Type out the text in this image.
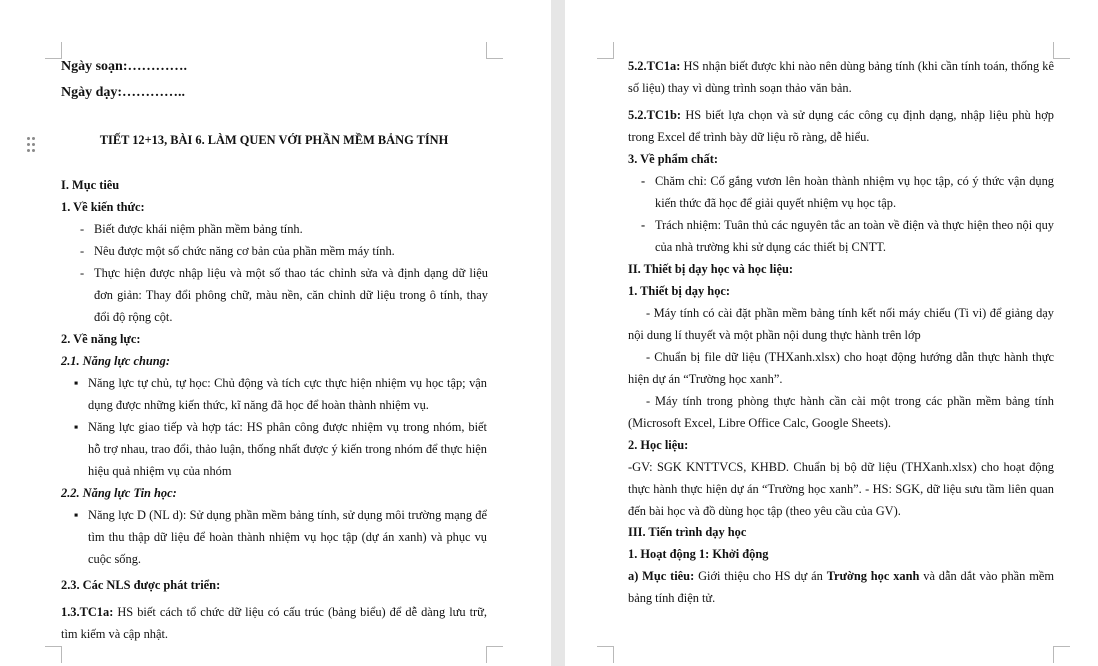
Ngày soạn:………….
Ngày dạy:…………..
TIẾT 12+13, BÀI 6. LÀM QUEN VỚI PHẦN MỀM BẢNG TÍNH
I. Mục tiêu
1. Về kiến thức:
- Biết được khái niệm phần mềm bảng tính.
- Nêu được một số chức năng cơ bản của phần mềm máy tính.
- Thực hiện được nhập liệu và một số thao tác chỉnh sửa và định dạng dữ liệu đơn giản: Thay đổi phông chữ, màu nền, căn chỉnh dữ liệu trong ô tính, thay đổi độ rộng cột.
2. Về năng lực:
2.1. Năng lực chung:
▪ Năng lực tự chủ, tự học: Chủ động và tích cực thực hiện nhiệm vụ học tập; vận dụng được những kiến thức, kĩ năng đã học để hoàn thành nhiệm vụ.
▪ Năng lực giao tiếp và hợp tác: HS phân công được nhiệm vụ trong nhóm, biết hỗ trợ nhau, trao đổi, thảo luận, thống nhất được ý kiến trong nhóm để thực hiện hiệu quả nhiệm vụ của nhóm
2.2. Năng lực Tin học:
▪ Năng lực D (NL d): Sử dụng phần mềm bảng tính, sử dụng môi trường mạng để tìm thu thập dữ liệu để hoàn thành nhiệm vụ học tập (dự án xanh) và phục vụ cuộc sống.
2.3. Các NLS được phát triển:
1.3.TC1a: HS biết cách tổ chức dữ liệu có cấu trúc (bảng biểu) để dễ dàng lưu trữ, tìm kiếm và cập nhật.
5.2.TC1a: HS nhận biết được khi nào nên dùng bảng tính (khi cần tính toán, thống kê số liệu) thay vì dùng trình soạn thảo văn bản.
5.2.TC1b: HS biết lựa chọn và sử dụng các công cụ định dạng, nhập liệu phù hợp trong Excel để trình bày dữ liệu rõ ràng, dễ hiểu.
3. Về phẩm chất:
- Chăm chỉ: Cố gắng vươn lên hoàn thành nhiệm vụ học tập, có ý thức vận dụng kiến thức đã học để giải quyết nhiệm vụ học tập.
- Trách nhiệm: Tuân thủ các nguyên tắc an toàn về điện và thực hiện theo nội quy của nhà trường khi sử dụng các thiết bị CNTT.
II. Thiết bị dạy học và học liệu:
1. Thiết bị dạy học:
- Máy tính có cài đặt phần mềm bảng tính kết nối máy chiếu (Ti vi) để giảng dạy nội dung lí thuyết và một phần nội dung thực hành trên lớp
- Chuẩn bị file dữ liệu (THXanh.xlsx) cho hoạt động hướng dẫn thực hành thực hiện dự án “Trường học xanh”.
- Máy tính trong phòng thực hành cần cài một trong các phần mềm bảng tính (Microsoft Excel, Libre Office Calc, Google Sheets).
2. Học liệu:
-GV: SGK KNTTVCS, KHBD. Chuẩn bị bộ dữ liệu (THXanh.xlsx) cho hoạt động thực hành thực hiện dự án “Trường học xanh”. - HS: SGK, dữ liệu sưu tầm liên quan đến bài học và đồ dùng học tập (theo yêu cầu của GV).
III. Tiến trình dạy học
1. Hoạt động 1: Khởi động
a) Mục tiêu: Giới thiệu cho HS dự án Trường học xanh và dẫn dắt vào phần mềm bảng tính điện tử.
